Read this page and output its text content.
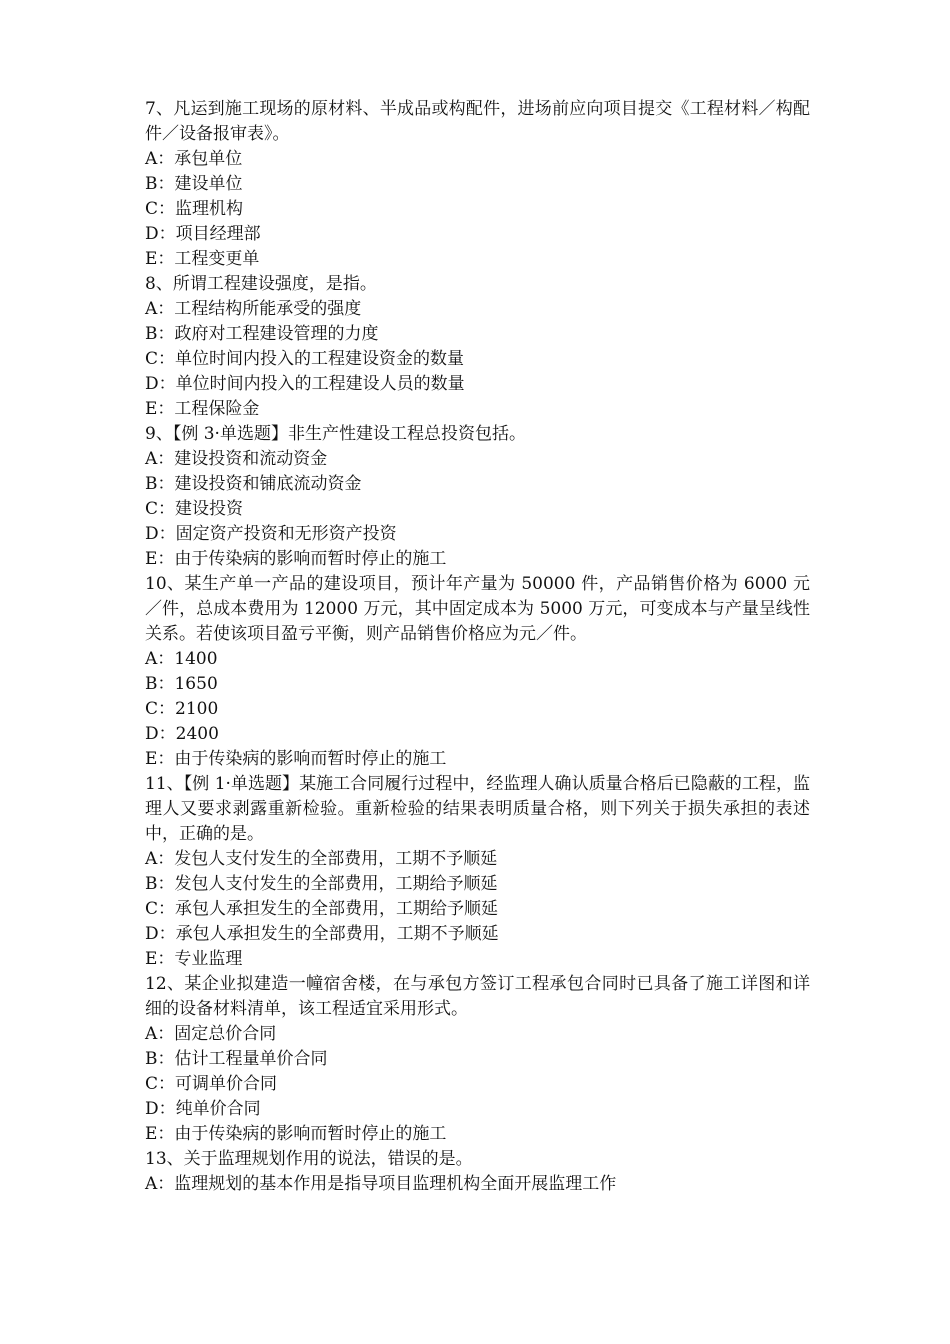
7、凡运到施工现场的原材料、半成品或构配件，进场前应向项目提交《工程材料／构配件／设备报审表》。

A：承包单位

B：建设单位

C：监理机构

D：项目经理部

E：工程变更单

8、所谓工程建设强度，是指。

A：工程结构所能承受的强度

B：政府对工程建设管理的力度

C：单位时间内投入的工程建设资金的数量

D：单位时间内投入的工程建设人员的数量

E：工程保险金

9、【例 3·单选题】非生产性建设工程总投资包括。

A：建设投资和流动资金

B：建设投资和铺底流动资金

C：建设投资

D：固定资产投资和无形资产投资

E：由于传染病的影响而暂时停止的施工

10、某生产单一产品的建设项目，预计年产量为 50000 件，产品销售价格为 6000 元／件，总成本费用为 12000 万元，其中固定成本为 5000 万元，可变成本与产量呈线性关系。若使该项目盈亏平衡，则产品销售价格应为元／件。

A：1400

B：1650

C：2100

D：2400

E：由于传染病的影响而暂时停止的施工

11、【例 1·单选题】某施工合同履行过程中，经监理人确认质量合格后已隐蔽的工程，监理人又要求剥露重新检验。重新检验的结果表明质量合格，则下列关于损失承担的表述中，正确的是。

A：发包人支付发生的全部费用，工期不予顺延

B：发包人支付发生的全部费用，工期给予顺延

C：承包人承担发生的全部费用，工期给予顺延

D：承包人承担发生的全部费用，工期不予顺延

E：专业监理

12、某企业拟建造一幢宿舍楼，在与承包方签订工程承包合同时已具备了施工详图和详细的设备材料清单，该工程适宜采用形式。

A：固定总价合同

B：估计工程量单价合同

C：可调单价合同

D：纯单价合同

E：由于传染病的影响而暂时停止的施工

13、关于监理规划作用的说法，错误的是。

A：监理规划的基本作用是指导项目监理机构全面开展监理工作
